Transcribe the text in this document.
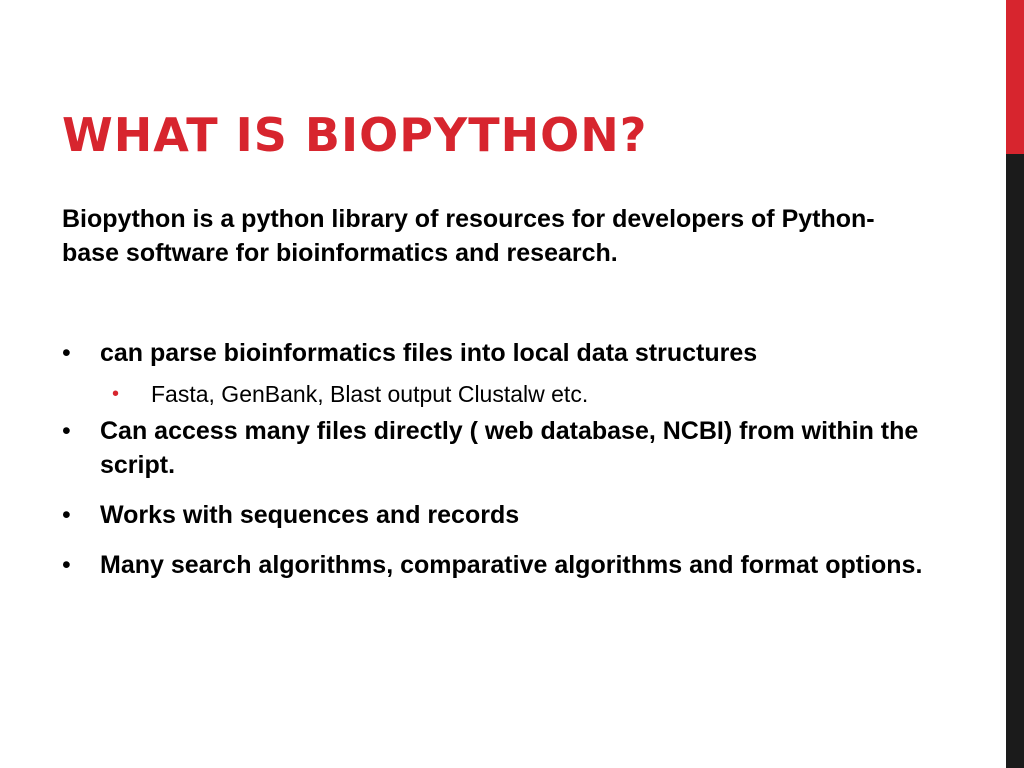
WHAT IS BIOPYTHON?

Biopython is a python library of resources for developers of Python-base software for bioinformatics and research.

• can parse bioinformatics files into local data structures
• Fasta, GenBank, Blast output Clustalw etc.
• Can access many files directly ( web database, NCBI) from within the script.
• Works with sequences and records
• Many search algorithms, comparative algorithms and format options.
